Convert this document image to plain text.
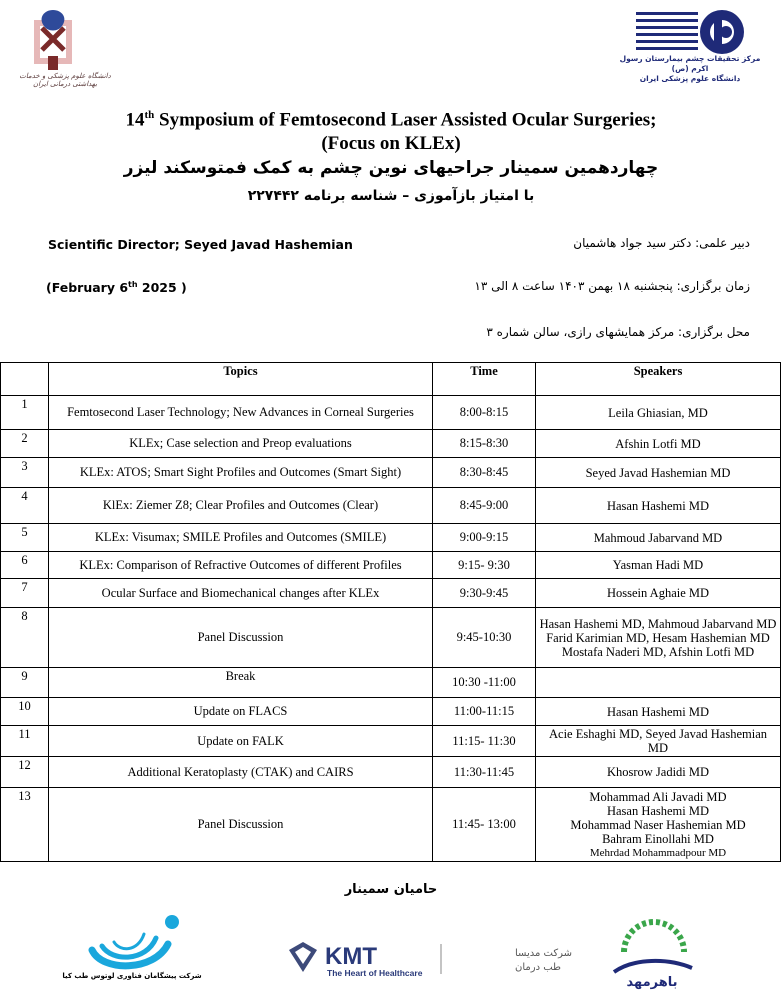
دانشگاه علوم پزشکی و خدمات بهداشتی درمانی ایران
مرکز تحقیقات چشم بیمارستان رسول اکرم (ص)
دانشگاه علوم پزشکی ایران
14th Symposium of Femtosecond Laser Assisted Ocular Surgeries;
(Focus on KLEx)
چهاردهمین سمینار جراحیهای نوین چشم به کمک فمتوسکند لیزر
با امتیاز بازآموزی – شناسه برنامه ۲۲۷۴۴۲
دبیر علمی: دکتر سید جواد هاشمیان
Scientific Director; Seyed Javad Hashemian
زمان برگزاری: پنجشنبه ۱۸ بهمن ۱۴۰۳ ساعت ۸ الی ۱۳
(February 6th 2025 )
محل برگزاری: مرکز همایشهای رازی، سالن شماره ۳
	Topics	Time	Speakers
1	Femtosecond Laser Technology; New Advances in Corneal Surgeries	8:00-8:15	Leila Ghiasian, MD

2	KLEx; Case selection and Preop evaluations	8:15-8:30	Afshin Lotfi MD

3	KLEx: ATOS; Smart Sight Profiles and Outcomes (Smart Sight)	8:30-8:45	Seyed Javad Hashemian MD

4	KlEx: Ziemer Z8; Clear Profiles and Outcomes (Clear)	8:45-9:00	Hasan Hashemi MD

5	KLEx: Visumax; SMILE Profiles and Outcomes (SMILE)	9:00-9:15	Mahmoud Jabarvand MD

6	KLEx: Comparison of Refractive Outcomes of different Profiles	9:15- 9:30	Yasman Hadi MD

7	Ocular Surface and Biomechanical changes after KLEx	9:30-9:45	Hossein Aghaie MD

8	Panel Discussion	9:45-10:30	Hasan Hashemi MD, Mahmoud Jabarvand MD
Farid Karimian MD, Hesam Hashemian MD
Mostafa Naderi MD, Afshin Lotfi MD

9	Break	10:30 -11:00	
10	Update on FLACS	11:00-11:15	Hasan Hashemi MD

11	Update on FALK	11:15- 11:30	Acie Eshaghi MD, Seyed Javad Hashemian MD

12	Additional Keratoplasty (CTAK) and CAIRS	11:30-11:45	Khosrow Jadidi MD

13	Panel Discussion	11:45- 13:00	Mohammad Ali Javadi MD
Hasan Hashemi MD
Mohammad Naser Hashemian MD
Bahram Einollahi MD
Mehrdad Mohammadpour MD
حامیان سمینار
شرکت پیشگامان فناوری لوتوس طب کیا
KMT
The Heart of Healthcare
شرکت مدیسا
طب درمان
باهرمهد
